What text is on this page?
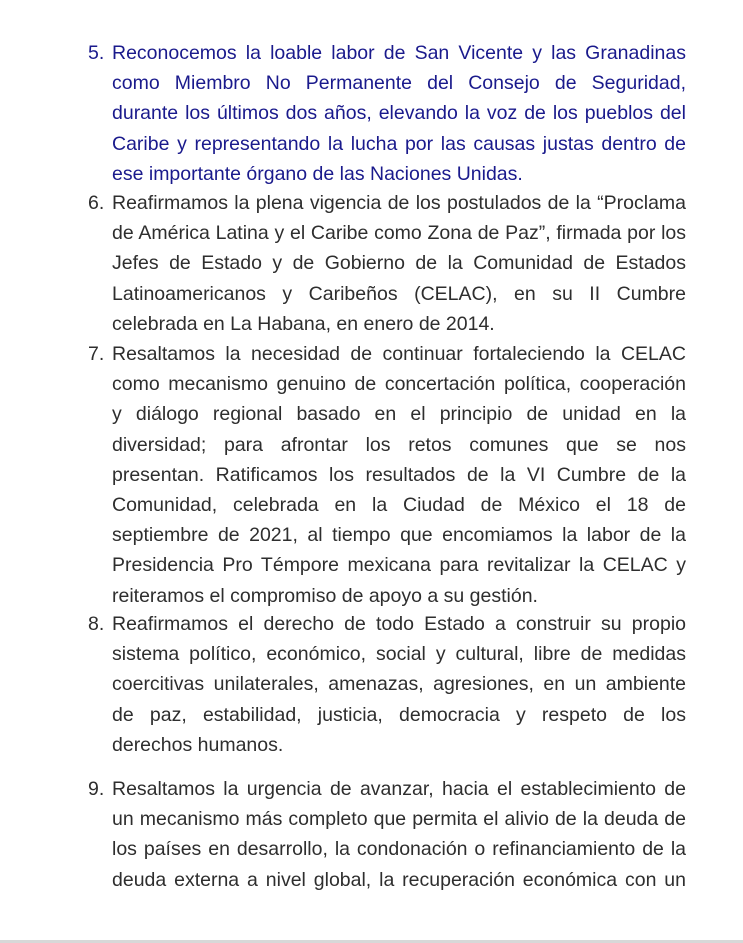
5. Reconocemos la loable labor de San Vicente y las Granadinas
como Miembro No Permanente del Consejo de Seguridad,
durante los últimos dos años, elevando la voz de los pueblos del
Caribe y representando la lucha por las causas justas dentro de
ese importante órgano de las Naciones Unidas.
6. Reafirmamos la plena vigencia de los postulados de la “Proclama
de América Latina y el Caribe como Zona de Paz”, firmada por los
Jefes de Estado y de Gobierno de la Comunidad de Estados
Latinoamericanos y Caribeños (CELAC), en su II Cumbre
celebrada en La Habana, en enero de 2014.
7. Resaltamos la necesidad de continuar fortaleciendo la CELAC
como mecanismo genuino de concertación política, cooperación
y diálogo regional basado en el principio de unidad en la
diversidad; para afrontar los retos comunes que se nos
presentan. Ratificamos los resultados de la VI Cumbre de la
Comunidad, celebrada en la Ciudad de México el 18 de
septiembre de 2021, al tiempo que encomiamos la labor de la
Presidencia Pro Témpore mexicana para revitalizar la CELAC y
reiteramos el compromiso de apoyo a su gestión.
8. Reafirmamos el derecho de todo Estado a construir su propio
sistema político, económico, social y cultural, libre de medidas
coercitivas unilaterales, amenazas, agresiones, en un ambiente
de paz, estabilidad, justicia, democracia y respeto de los
derechos humanos.
9. Resaltamos la urgencia de avanzar, hacia el establecimiento de
un mecanismo más completo que permita el alivio de la deuda de
los países en desarrollo, la condonación o refinanciamiento de la
deuda externa a nivel global, la recuperación económica con un
